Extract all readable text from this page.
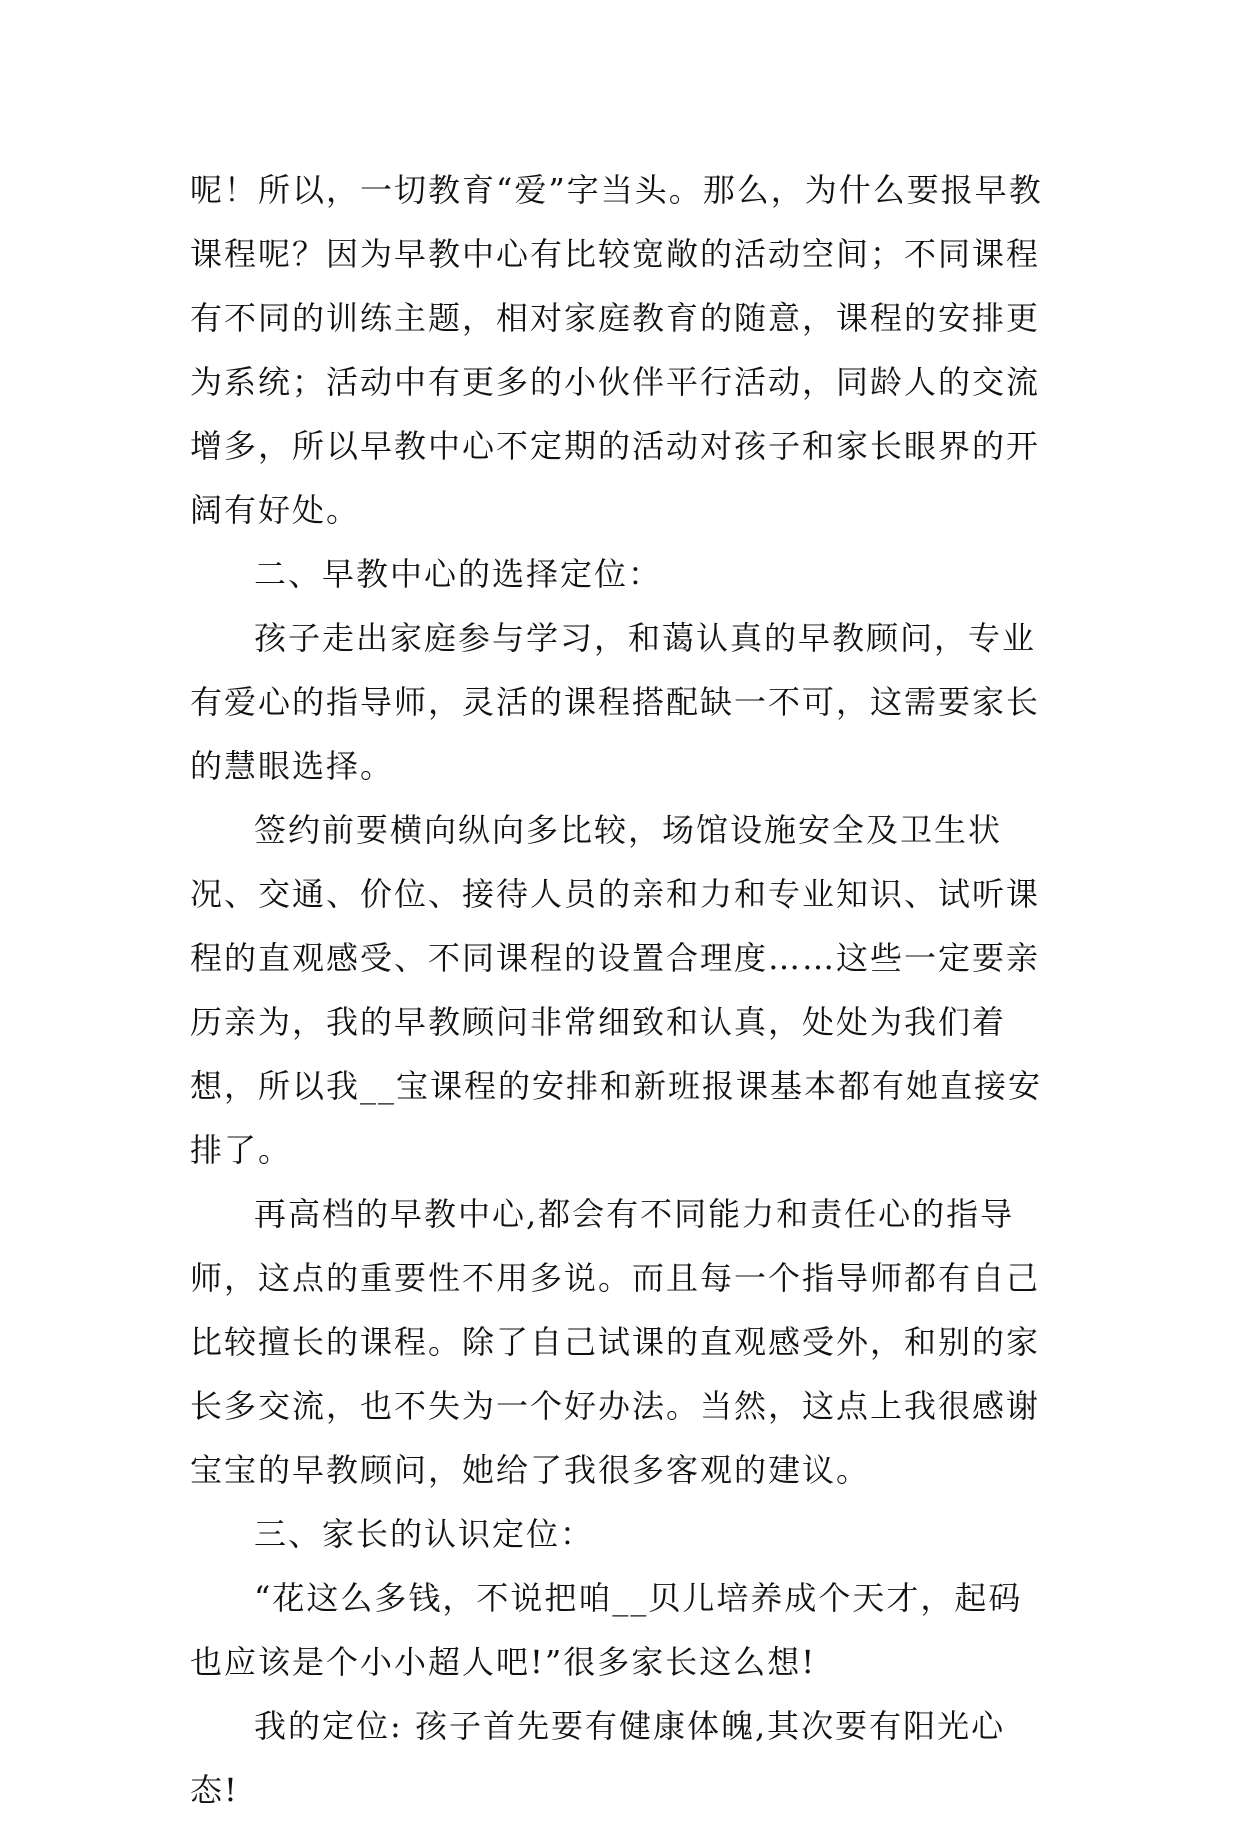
呢！所以，一切教育“爱”字当头。那么，为什么要报早教课程呢？因为早教中心有比较宽敞的活动空间；不同课程有不同的训练主题，相对家庭教育的随意，课程的安排更为系统；活动中有更多的小伙伴平行活动，同龄人的交流增多，所以早教中心不定期的活动对孩子和家长眼界的开阔有好处。

二、早教中心的选择定位：

孩子走出家庭参与学习，和蔼认真的早教顾问，专业有爱心的指导师，灵活的课程搭配缺一不可，这需要家长的慧眼选择。

签约前要横向纵向多比较，场馆设施安全及卫生状况、交通、价位、接待人员的亲和力和专业知识、试听课程的直观感受、不同课程的设置合理度……这些一定要亲历亲为，我的早教顾问非常细致和认真，处处为我们着想，所以我__宝课程的安排和新班报课基本都有她直接安排了。

再高档的早教中心,都会有不同能力和责任心的指导师，这点的重要性不用多说。而且每一个指导师都有自己比较擅长的课程。除了自己试课的直观感受外，和别的家长多交流，也不失为一个好办法。当然，这点上我很感谢宝宝的早教顾问，她给了我很多客观的建议。

三、家长的认识定位：

“花这么多钱，不说把咱__贝儿培养成个天才，起码也应该是个小小超人吧!”很多家长这么想!

我的定位: 孩子首先要有健康体魄,其次要有阳光心态!
